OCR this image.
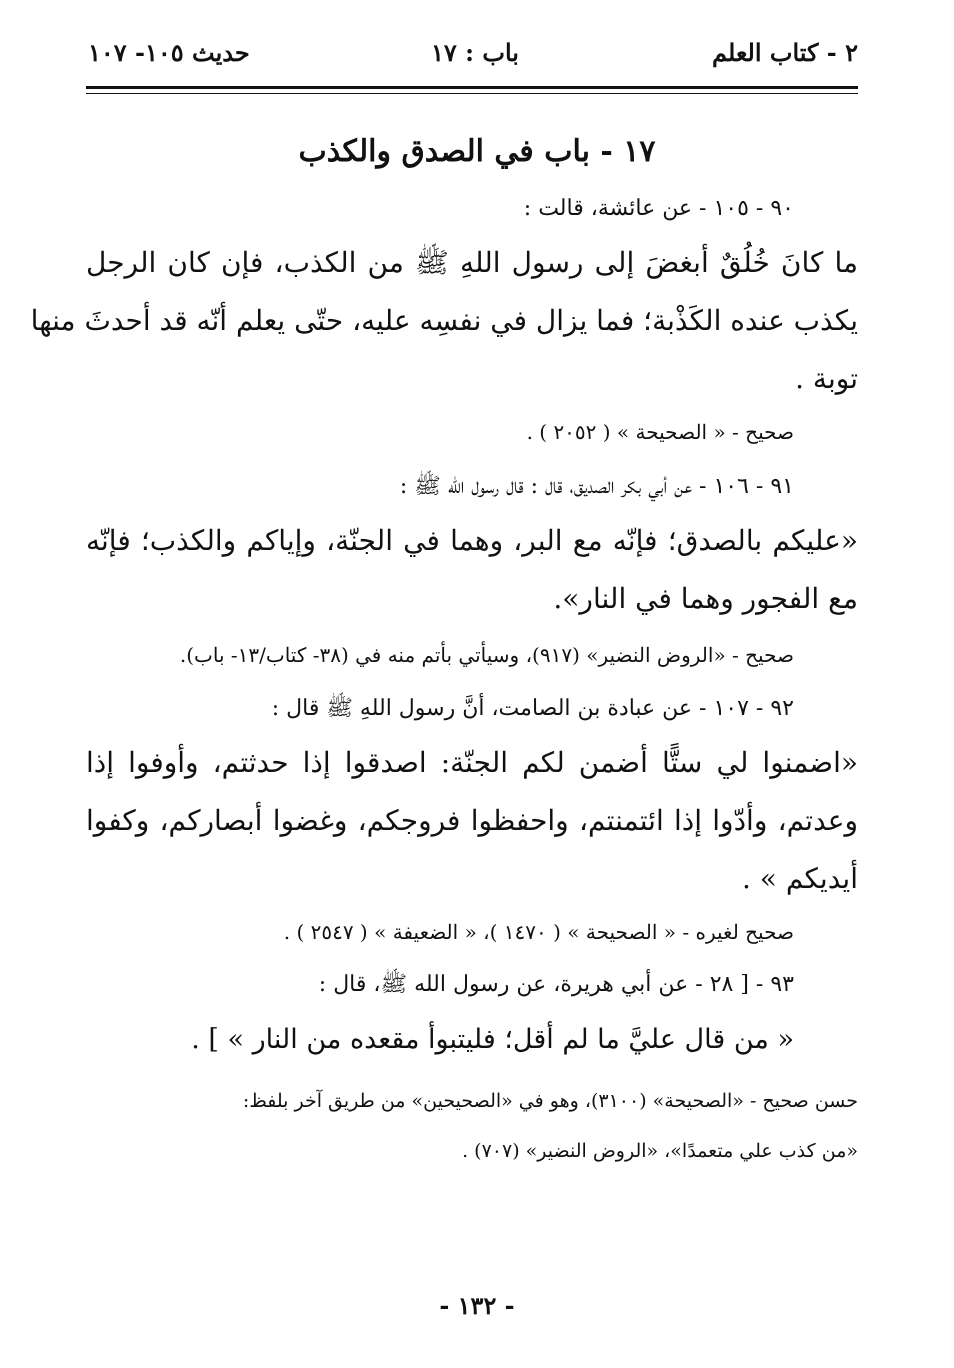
٢ - كتاب العلم
باب : ١٧
حديث ١٠٥- ١٠٧
١٧ - باب في الصدق والكذب
٩٠ - ١٠٥ - عن عائشة، قالت :
ما كانَ خُلُقٌ أبغضَ إلى رسول اللهِ ﷺ من الكذب، فإن كان الرجل
يكذب عنده الكَذْبة؛ فما يزال في نفسِه عليه، حتّى يعلم أنّه قد أحدثَ منها
توبة .
صحيح - « الصحيحة » ( ٢٠٥٢ ) .
٩١ - ١٠٦ - عن أبي بكر الصديق، قال : قال رسول الله ﷺ :
«عليكم بالصدق؛ فإنّه مع البر، وهما في الجنّة، وإياكم والكذب؛ فإنّه
مع الفجور وهما في النار».
صحيح - «الروض النضير» (٩١٧)، وسيأتي بأتم منه في (٣٨- كتاب/١٣- باب).
٩٢ - ١٠٧ - عن عبادة بن الصامت، أنَّ رسول اللهِ ﷺ قال :
«اضمنوا لي ستًّا أضمن لكم الجنّة: اصدقوا إذا حدثتم، وأوفوا إذا
وعدتم، وأدّوا إذا ائتمنتم، واحفظوا فروجكم، وغضوا أبصاركم، وكفوا
أيديكم » .
صحيح لغيره - « الصحيحة » ( ١٤٧٠ )، « الضعيفة » ( ٢٥٤٧ ) .
٩٣ - [ ٢٨ - عن أبي هريرة، عن رسول الله ﷺ، قال :
« من قال عليَّ ما لم أقل؛ فليتبوأ مقعده من النار » ] .
حسن صحيح - «الصحيحة» (٣١٠٠)، وهو في «الصحيحين» من طريق آخر بلفظ:
«من كذب علي متعمدًا»، «الروض النضير» (٧٠٧) .
- ١٣٢ -
